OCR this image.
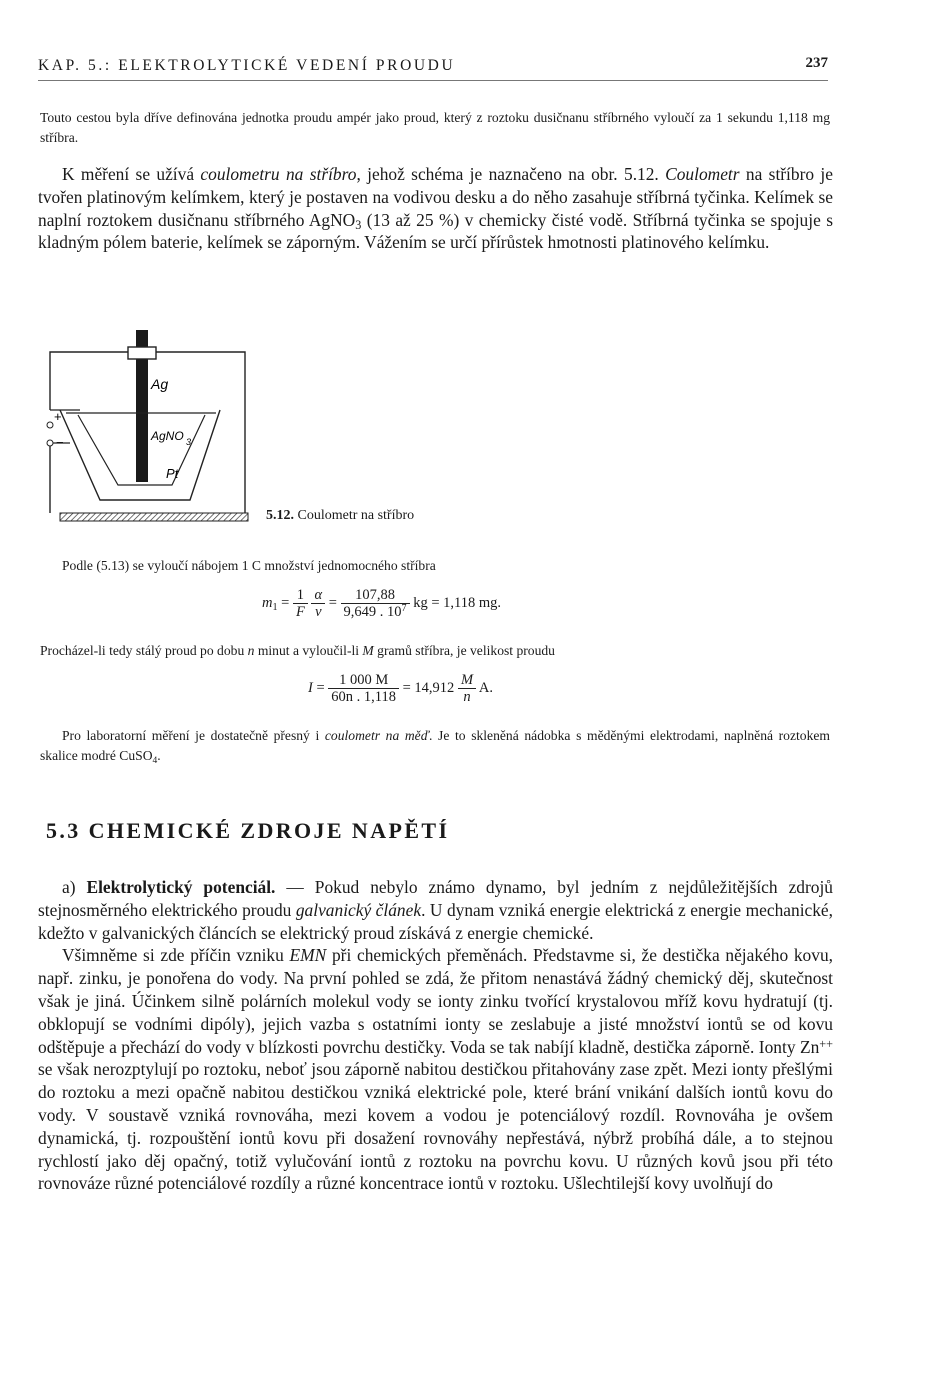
KAP. 5.: ELEKTROLYTICKÉ VEDENÍ PROUDU	237

Touto cestou byla dříve definována jednotka proudu ampér jako proud, který z roztoku dusičnanu stříbrného vyloučí za 1 sekundu 1,118 mg stříbra.

K měření se užívá coulometru na stříbro, jehož schéma je naznačeno na obr. 5.12. Coulometr na stříbro je tvořen platinovým kelímkem, který je postaven na vodivou desku a do něho zasahuje stříbrná tyčinka. Kelímek se naplní roztokem dusičnanu stříbrného AgNO$_3$ (13 až 25 %) v chemicky čisté vodě. Stříbrná tyčinka se spojuje s kladným pólem baterie, kelímek se záporným. Vážením se určí přírůstek hmotnosti platinového kelímku.

Ag
AgNO 3
Pt
+
−
5.12. Coulometr na stříbro

Podle (5.13) se vyloučí nábojem 1 C množství jednomocného stříbra

$m_1 = \frac{1}{F}$
$\frac{\alpha}{v} = \frac{107,88}{9,649 . 10^7}$ kg = 1,118 mg.

Procházel-li tedy stálý proud po dobu n minut a vyloučil-li M gramů stříbra, je velikost proudu

$I = \frac{1 000 M}{60n . 1,118} = 14,912 \frac{M}{n} A$.

Pro laboratorní měření je dostatečně přesný i coulometr na měď. Je to skleněná nádobka s měděnými elektrodami, naplněná roztokem skalice modré CuSO$_4$.

5.3 CHEMICKÉ ZDROJE NAPĚTÍ

a) Elektrolytický potenciál. — Pokud nebylo známo dynamo, byl jedním z nejdůležitějších zdrojů stejnosměrného elektrického proudu galvanický článek. U dynam vzniká energie elektrická z energie mechanické, kdežto v galvanických článcích se elektrický proud získává z energie chemické.

Všimněme si zde příčin vzniku EMN při chemických přeměnách. Představme si, že destička nějakého kovu, např. zinku, je ponořena do vody. Na první pohled se zdá, že přitom nenastává žádný chemický děj, skutečnost však je jiná. Účinkem silně polárních molekul vody se ionty zinku tvořící krystalovou mříž kovu hydratují (tj. obklopují se vodními dipóly), jejich vazba s ostatními ionty se zeslabuje a jisté množství iontů se od kovu odštěpuje a přechází do vody v blízkosti povrchu destičky. Voda se tak nabíjí kladně, destička záporně. Ionty Zn++ se však nerozptylují po roztoku, neboť jsou záporně nabitou destičkou přitahovány zase zpět. Mezi ionty přešlými do roztoku a mezi opačně nabitou destičkou vzniká elektrické pole, které brání vnikání dalších iontů kovu do vody. V soustavě vzniká rovnováha, mezi kovem a vodou je potenciálový rozdíl. Rovnováha je ovšem dynamická, tj. rozpouštění iontů kovu při dosažení rovnováhy nepřestává, nýbrž probíhá dále, a to stejnou rychlostí jako děj opačný, totiž vylučování iontů z roztoku na povrchu kovu. U různých kovů jsou při této rovnováze různé potenciálové rozdíly a různé koncentrace iontů v roztoku. Ušlechtilejší kovy uvolňují do
